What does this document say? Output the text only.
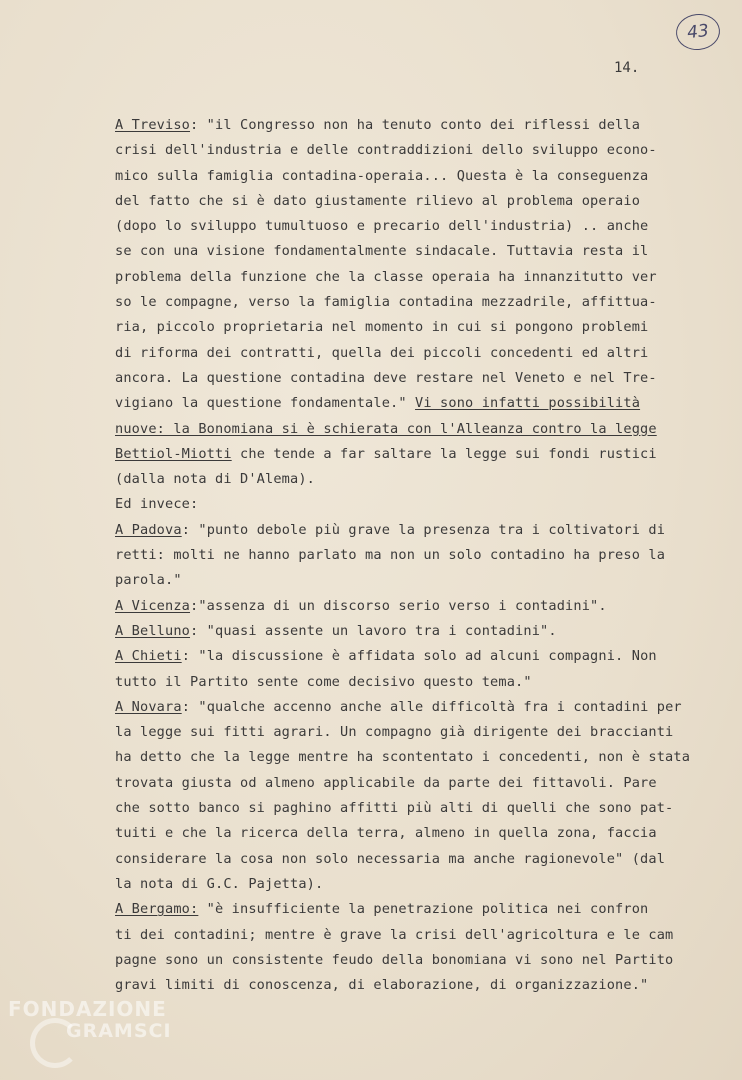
43
14.
A Treviso: "il Congresso non ha tenuto conto dei riflessi della
crisi dell'industria e delle contraddizioni dello sviluppo econo-
mico sulla famiglia contadina-operaia... Questa è la conseguenza
del fatto che si è dato giustamente rilievo al problema operaio
(dopo lo sviluppo tumultuoso e precario dell'industria) .. anche
se con una visione fondamentalmente sindacale. Tuttavia resta il
problema della funzione che la classe operaia ha innanzitutto ver
so le compagne, verso la famiglia contadina mezzadrile, affittua-
ria, piccolo proprietaria nel momento in cui si pongono problemi
di riforma dei contratti, quella dei piccoli concedenti ed altri
ancora. La questione contadina deve restare nel Veneto e nel Tre-
vigiano la questione fondamentale." Vi sono infatti possibilità
nuove: la Bonomiana si è schierata con l'Alleanza contro la legge
Bettiol-Miotti che tende a far saltare la legge sui fondi rustici
(dalla nota di D'Alema).
Ed invece:
A Padova: "punto debole più grave la presenza tra i coltivatori di
retti: molti ne hanno parlato ma non un solo contadino ha preso la
parola."
A Vicenza:"assenza di un discorso serio verso i contadini".
A Belluno: "quasi assente un lavoro tra i contadini".
A Chieti: "la discussione è affidata solo ad alcuni compagni. Non
tutto il Partito sente come decisivo questo tema."
A Novara: "qualche accenno anche alle difficoltà fra i contadini per
la legge sui fitti agrari. Un compagno già dirigente dei braccianti
ha detto che la legge mentre ha scontentato i concedenti, non è stata
trovata giusta od almeno applicabile da parte dei fittavoli. Pare
che sotto banco si paghino affitti più alti di quelli che sono pat-
tuiti e che la ricerca della terra, almeno in quella zona, faccia
considerare la cosa non solo necessaria ma anche ragionevole" (dal
la nota di G.C. Pajetta).
A Bergamo: "è insufficiente la penetrazione politica nei confron
ti dei contadini; mentre è grave la crisi dell'agricoltura e le cam
pagne sono un consistente feudo della bonomiana vi sono nel Partito
gravi limiti di conoscenza, di elaborazione, di organizzazione."
FONDAZIONE
GRAMSCI
